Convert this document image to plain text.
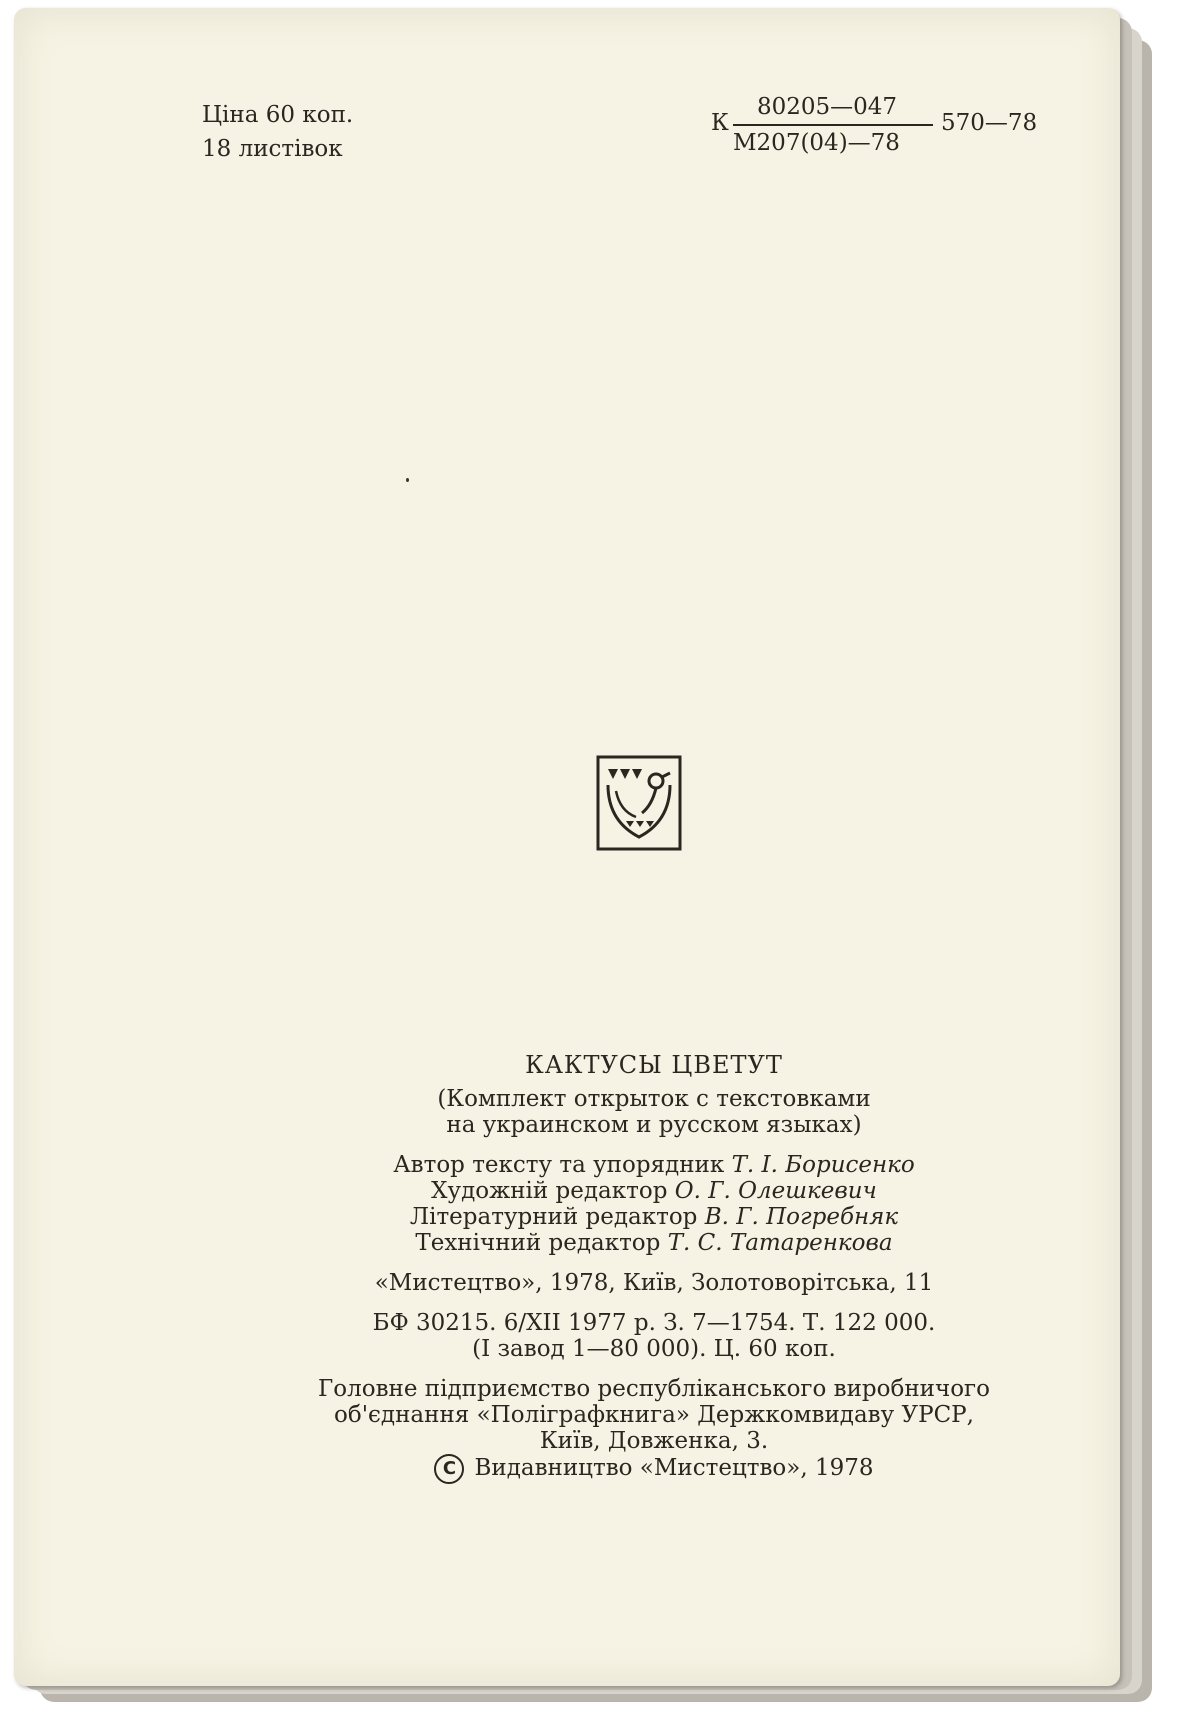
Ціна 60 коп.
18 листівок
К
80205—047
М207(04)—78
570—78
КАКТУСЫ ЦВЕТУТ
(Комплект открыток с текстовками
на украинском и русском языках)
Автор тексту та упорядник Т. І. Борисенко
Художній редактор О. Г. Олешкевич
Літературний редактор В. Г. Погребняк
Технічний редактор Т. С. Татаренкова
«Мистецтво», 1978, Київ, Золотоворітська, 11
БФ 30215. 6/XII 1977 р. З. 7—1754. Т. 122 000.
(І завод 1—80 000). Ц. 60 коп.
Головне підприємство республіканського виробничого
об'єднання «Поліграфкнига» Держкомвидаву УРСР,
Київ, Довженка, 3.
C Видавництво «Мистецтво», 1978
